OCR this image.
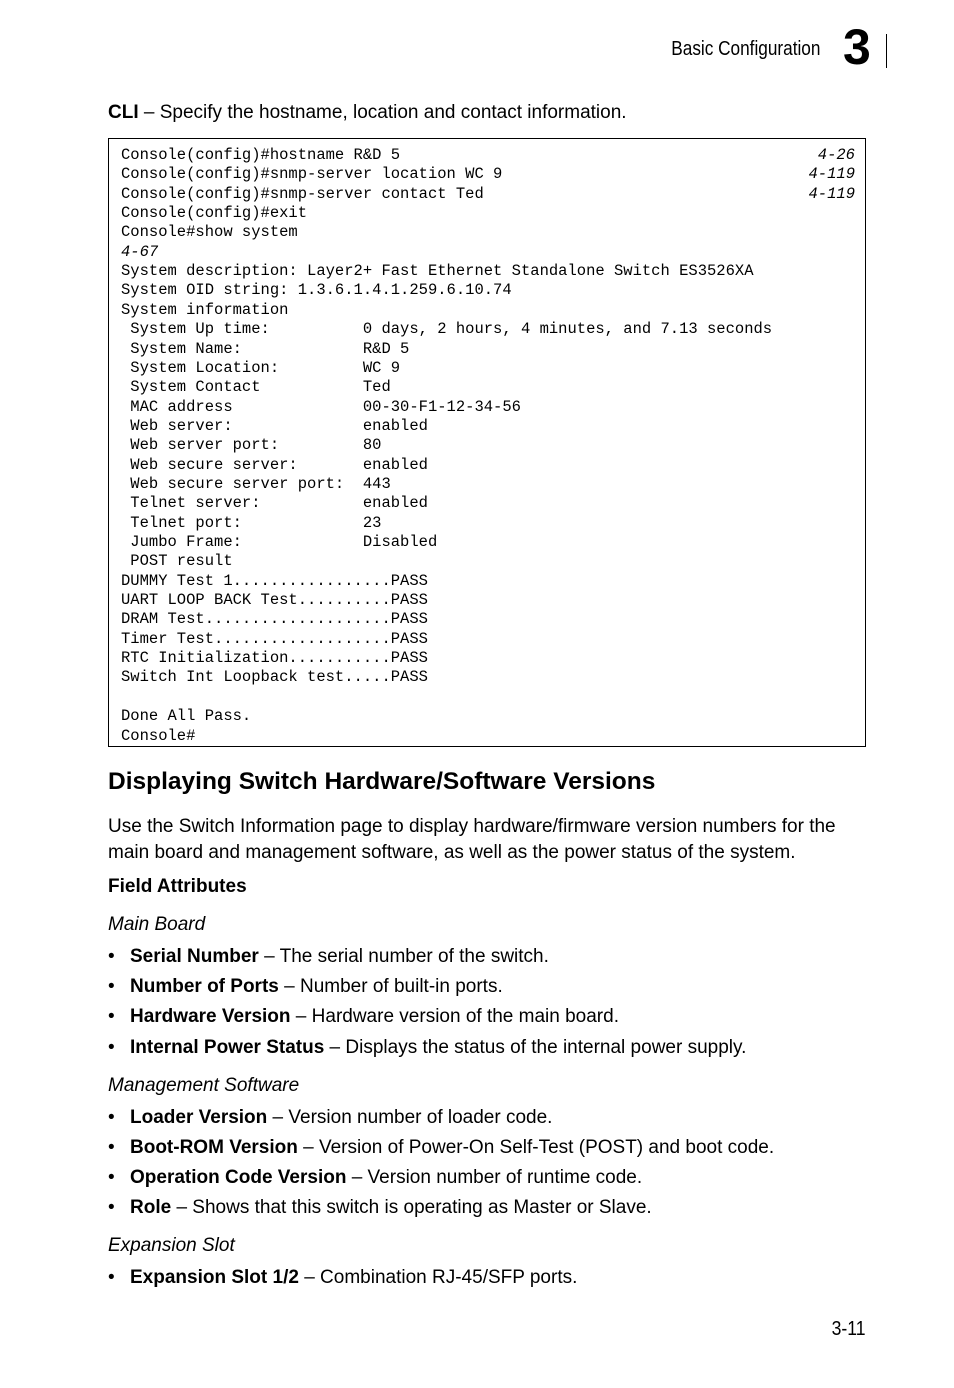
Basic Configuration 3
CLI – Specify the hostname, location and contact information.
Console(config)#hostname R&D 5	4-26
Console(config)#snmp-server location WC 9	4-119
Console(config)#snmp-server contact Ted	4-119
Console(config)#exit
Console#show system
4-67
System description: Layer2+ Fast Ethernet Standalone Switch ES3526XA
System OID string: 1.3.6.1.4.1.259.6.10.74
System information
System Up time:          0 days, 2 hours, 4 minutes, and 7.13 seconds
System Name:             R&D 5
System Location:         WC 9
System Contact           Ted
MAC address              00-30-F1-12-34-56
Web server:              enabled
Web server port:         80
Web secure server:       enabled
Web secure server port:  443
Telnet server:           enabled
Telnet port:             23
Jumbo Frame:             Disabled
POST result
DUMMY Test 1.................PASS
UART LOOP BACK Test..........PASS
DRAM Test....................PASS
Timer Test...................PASS
RTC Initialization...........PASS
Switch Int Loopback test.....PASS
Done All Pass.
Console#
Displaying Switch Hardware/Software Versions
Use the Switch Information page to display hardware/firmware version numbers for the main board and management software, as well as the power status of the system.
Field Attributes
Main Board
• Serial Number – The serial number of the switch.
• Number of Ports – Number of built-in ports.
• Hardware Version – Hardware version of the main board.
• Internal Power Status – Displays the status of the internal power supply.
Management Software
• Loader Version – Version number of loader code.
• Boot-ROM Version – Version of Power-On Self-Test (POST) and boot code.
• Operation Code Version – Version number of runtime code.
• Role – Shows that this switch is operating as Master or Slave.
Expansion Slot
• Expansion Slot 1/2 – Combination RJ-45/SFP ports.
3-11
